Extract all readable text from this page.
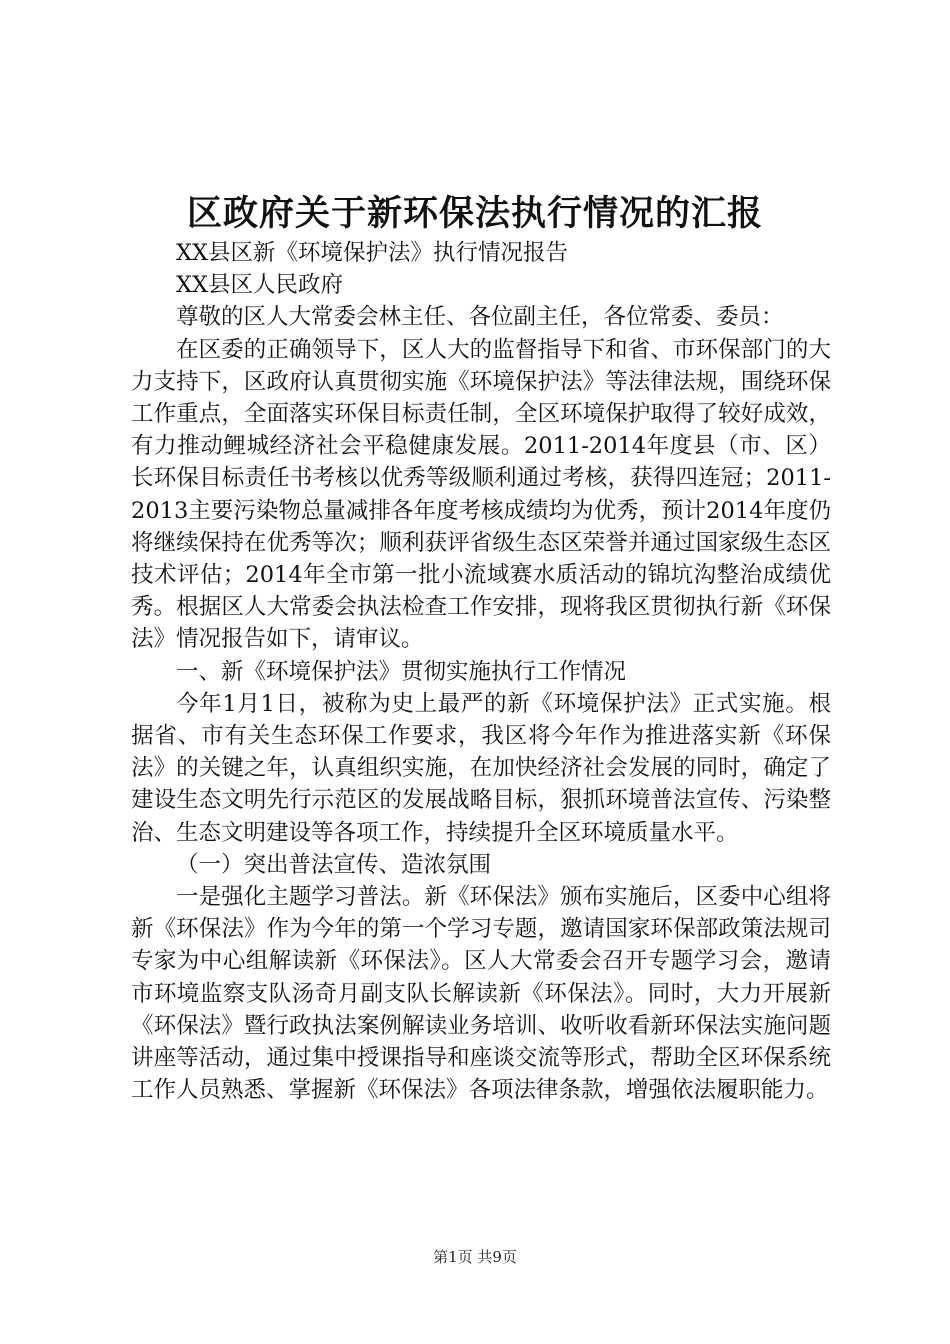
区政府关于新环保法执行情况的汇报

XX县区新《环境保护法》执行情况报告

XX县区人民政府

尊敬的区人大常委会林主任、各位副主任，各位常委、委员：

在区委的正确领导下，区人大的监督指导下和省、市环保部门的大力支持下，区政府认真贯彻实施《环境保护法》等法律法规，围绕环保工作重点，全面落实环保目标责任制，全区环境保护取得了较好成效，有力推动鲤城经济社会平稳健康发展。2011-2014年度县（市、区）长环保目标责任书考核以优秀等级顺利通过考核，获得四连冠；2011-2013主要污染物总量减排各年度考核成绩均为优秀，预计2014年度仍将继续保持在优秀等次；顺利获评省级生态区荣誉并通过国家级生态区技术评估；2014年全市第一批小流域赛水质活动的锦坑沟整治成绩优秀。根据区人大常委会执法检查工作安排，现将我区贯彻执行新《环保法》情况报告如下，请审议。

一、新《环境保护法》贯彻实施执行工作情况

今年1月1日，被称为史上最严的新《环境保护法》正式实施。根据省、市有关生态环保工作要求，我区将今年作为推进落实新《环保法》的关键之年，认真组织实施，在加快经济社会发展的同时，确定了建设生态文明先行示范区的发展战略目标，狠抓环境普法宣传、污染整治、生态文明建设等各项工作，持续提升全区环境质量水平。

（一）突出普法宣传、造浓氛围

一是强化主题学习普法。新《环保法》颁布实施后，区委中心组将新《环保法》作为今年的第一个学习专题，邀请国家环保部政策法规司专家为中心组解读新《环保法》。区人大常委会召开专题学习会，邀请市环境监察支队汤奇月副支队长解读新《环保法》。同时，大力开展新《环保法》暨行政执法案例解读业务培训、收听收看新环保法实施问题讲座等活动，通过集中授课指导和座谈交流等形式，帮助全区环保系统工作人员熟悉、掌握新《环保法》各项法律条款，增强依法履职能力。

第1页 共9页
